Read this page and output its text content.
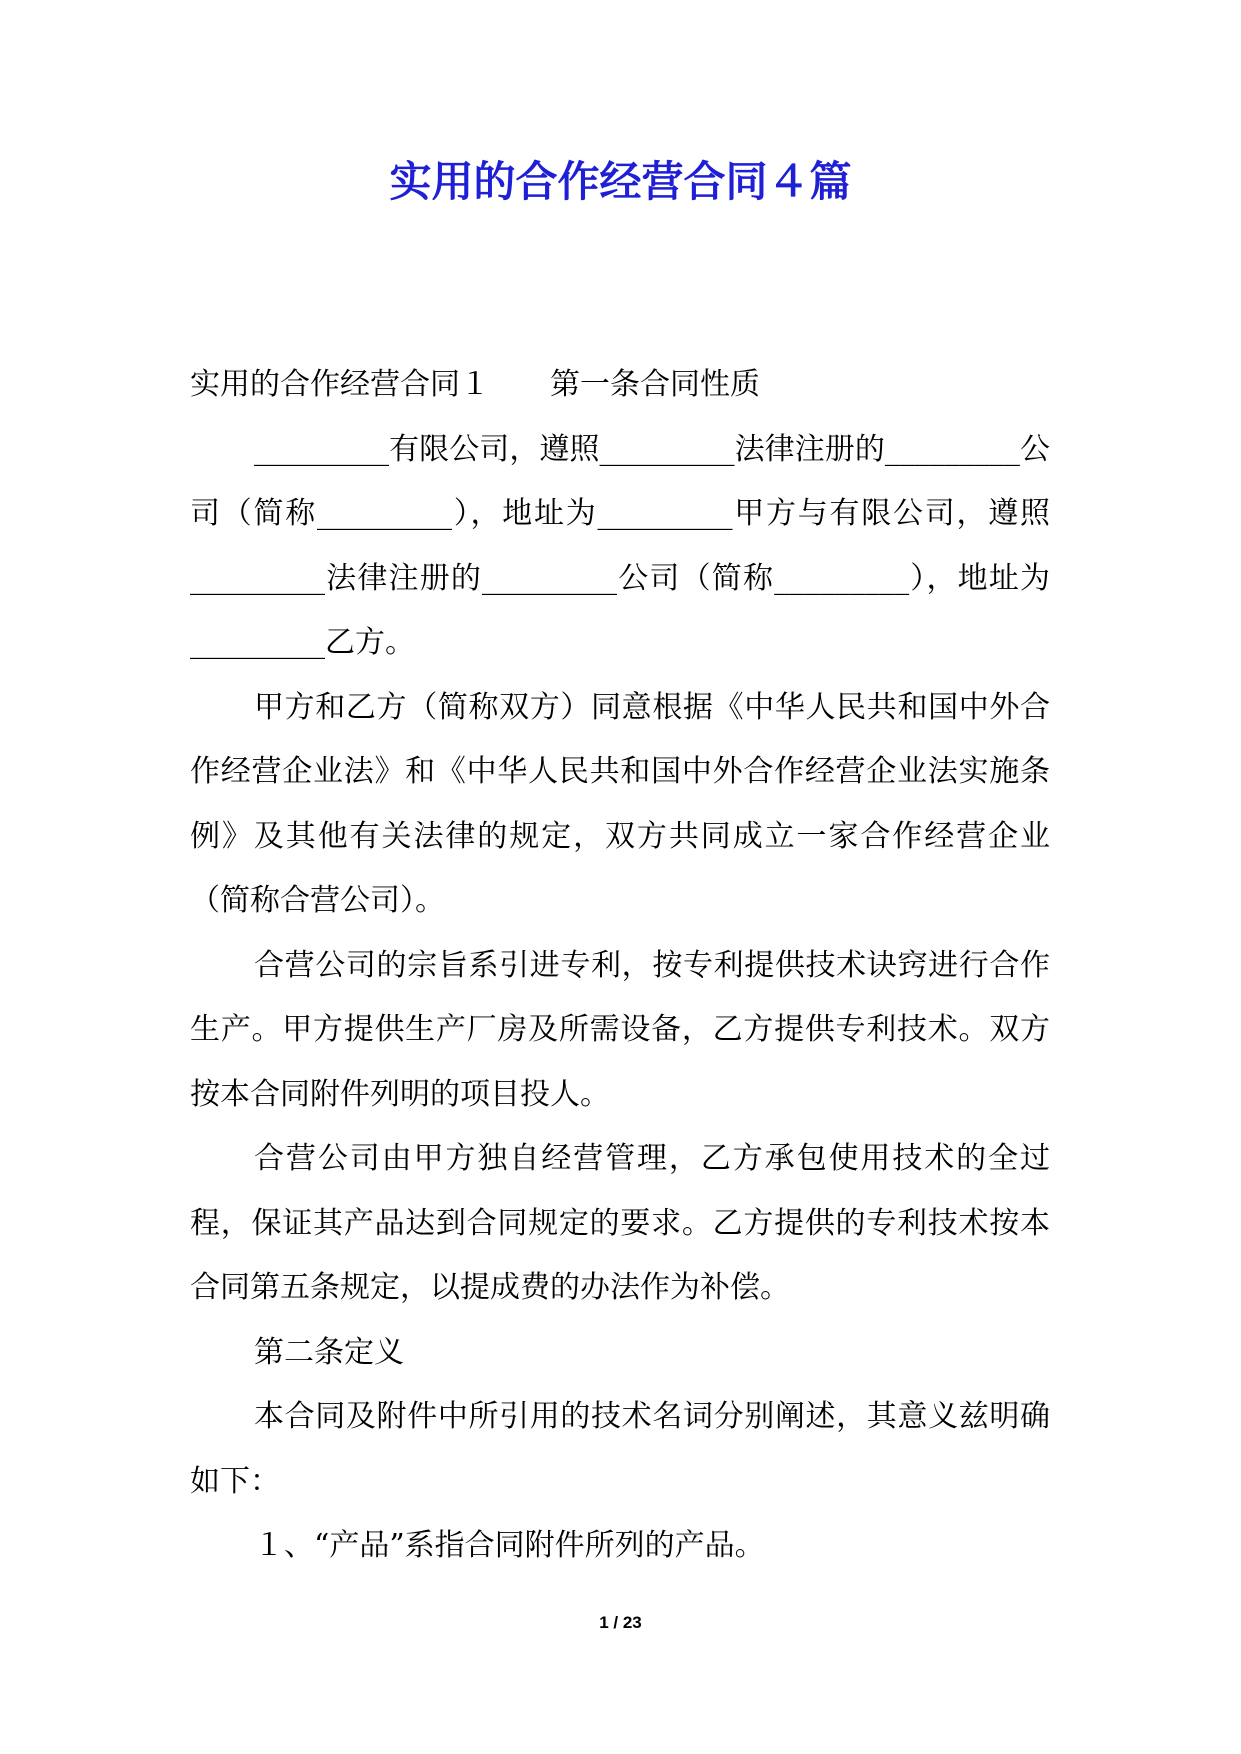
实用的合作经营合同４篇

实用的合作经营合同１　　第一条合同性质

_________有限公司，遵照_________法律注册的_________公司（简称_________），地址为_________甲方与有限公司，遵照_________法律注册的_________公司（简称_________），地址为_________乙方。

甲方和乙方（简称双方）同意根据《中华人民共和国中外合作经营企业法》和《中华人民共和国中外合作经营企业法实施条例》及其他有关法律的规定，双方共同成立一家合作经营企业（简称合营公司）。

合营公司的宗旨系引进专利，按专利提供技术诀窍进行合作生产。甲方提供生产厂房及所需设备，乙方提供专利技术。双方按本合同附件列明的项目投人。

合营公司由甲方独自经营管理，乙方承包使用技术的全过程，保证其产品达到合同规定的要求。乙方提供的专利技术按本合同第五条规定，以提成费的办法作为补偿。

第二条定义

本合同及附件中所引用的技术名词分别阐述，其意义兹明确如下：

１、“产品”系指合同附件所列的产品。

1 / 23
